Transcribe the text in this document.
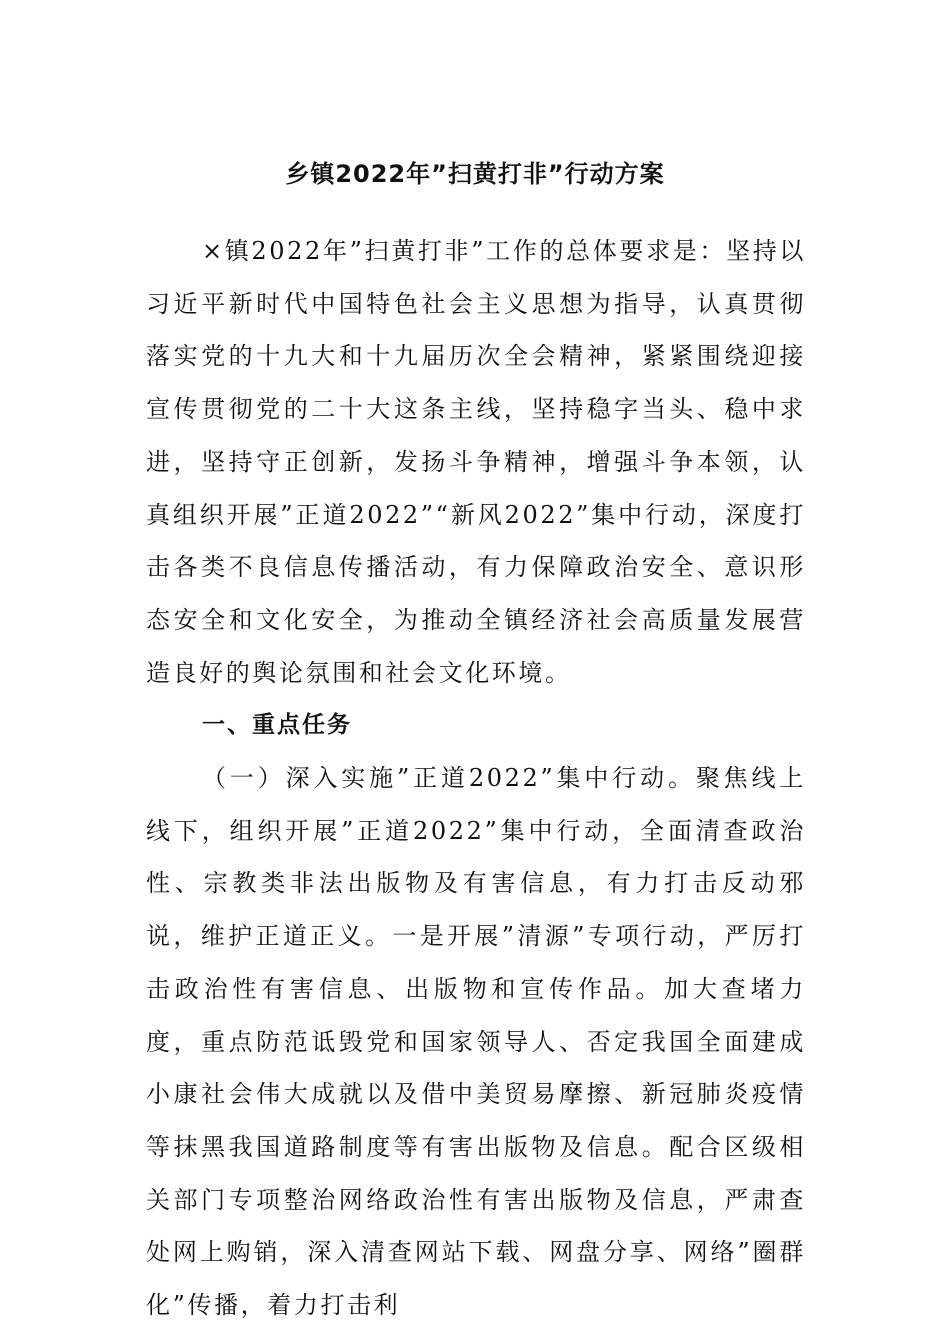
乡镇2022年”扫黄打非”行动方案

×镇2022年”扫黄打非”工作的总体要求是：坚持以习近平新时代中国特色社会主义思想为指导，认真贯彻落实党的十九大和十九届历次全会精神，紧紧围绕迎接宣传贯彻党的二十大这条主线，坚持稳字当头、稳中求进，坚持守正创新，发扬斗争精神，增强斗争本领，认真组织开展”正道2022”“新风2022”集中行动，深度打击各类不良信息传播活动，有力保障政治安全、意识形态安全和文化安全，为推动全镇经济社会高质量发展营造良好的舆论氛围和社会文化环境。

一、重点任务

（一）深入实施”正道2022”集中行动。聚焦线上线下，组织开展”正道2022”集中行动，全面清查政治性、宗教类非法出版物及有害信息，有力打击反动邪说，维护正道正义。一是开展”清源”专项行动，严厉打击政治性有害信息、出版物和宣传作品。加大查堵力度，重点防范诋毁党和国家领导人、否定我国全面建成小康社会伟大成就以及借中美贸易摩擦、新冠肺炎疫情等抹黑我国道路制度等有害出版物及信息。配合区级相关部门专项整治网络政治性有害出版物及信息，严肃查处网上购销，深入清查网站下载、网盘分享、网络”圈群化”传播，着力打击利
